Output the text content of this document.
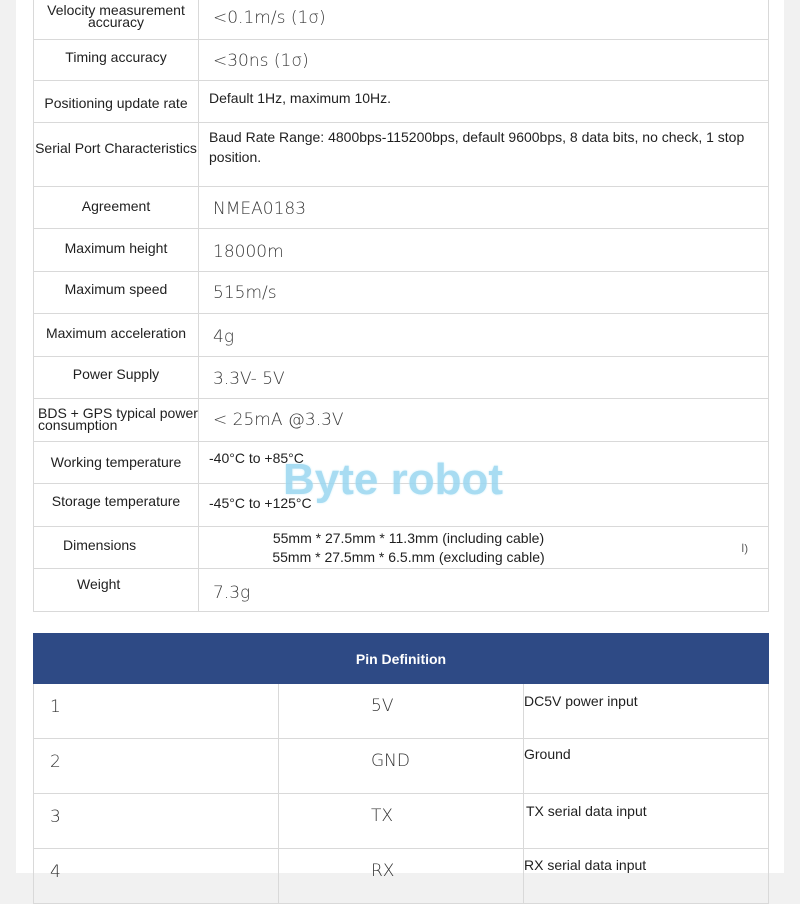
Velocity measurement accuracy	<0.1m/s (1σ)
Timing accuracy	<30ns (1σ)
Positioning update rate	Default 1Hz, maximum 10Hz.
Serial Port Characteristics	Baud Rate Range: 4800bps-115200bps, default 9600bps, 8 data bits, no check, 1 stop position.
Agreement	NMEA0183
Maximum height	18000m
Maximum speed	515m/s
Maximum acceleration	4g
Power Supply	3.3V- 5V
BDS + GPS typical power consumption	< 25mA @3.3V
Working temperature	-40°C to +85°C
Storage temperature	-45°C to +125°C
Dimensions	55mm * 27.5mm * 11.3mm (including cable)
55mm * 27.5mm * 6.5.mm (excluding cable) ا)

Weight	7.3g
Byte robot
Pin Definition		
1	5V	DC5V power input
2	GND	Ground
3	TX	TX serial data input
4	RX	RX serial data input
